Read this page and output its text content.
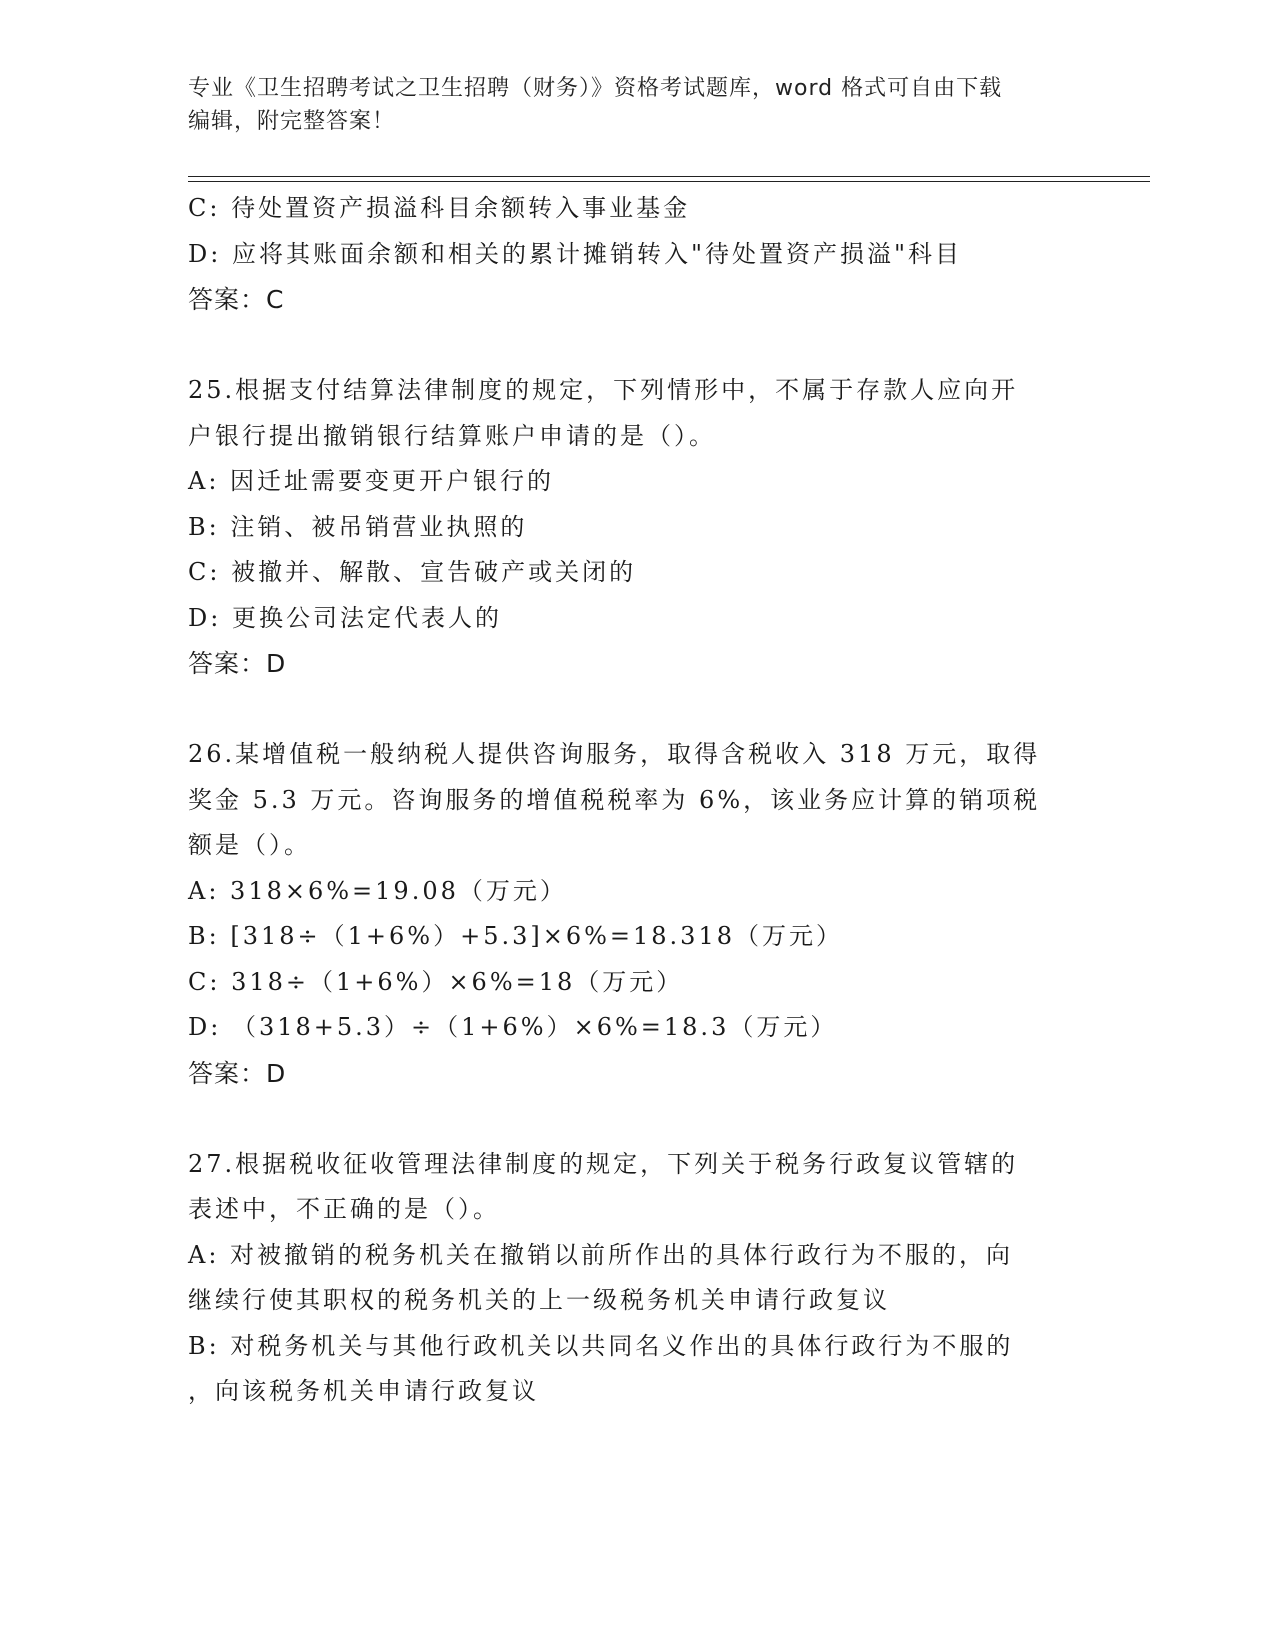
专业《卫生招聘考试之卫生招聘（财务）》资格考试题库，word 格式可自由下载

编辑，附完整答案！

C: 待处置资产损溢科目余额转入事业基金

D: 应将其账面余额和相关的累计摊销转入"待处置资产损溢"科目

答案：C

25.根据支付结算法律制度的规定，下列情形中，不属于存款人应向开

户银行提出撤销银行结算账户申请的是（）。

A: 因迁址需要变更开户银行的

B: 注销、被吊销营业执照的

C: 被撤并、解散、宣告破产或关闭的

D: 更换公司法定代表人的

答案：D

26.某增值税一般纳税人提供咨询服务，取得含税收入 318 万元，取得

奖金 5.3 万元。咨询服务的增值税税率为 6%，该业务应计算的销项税

额是（）。

A: 318×6%=19.08（万元）

B: [318÷（1+6%）+5.3]×6%=18.318（万元）

C: 318÷（1+6%）×6%=18（万元）

D: （318+5.3）÷（1+6%）×6%=18.3（万元）

答案：D

27.根据税收征收管理法律制度的规定，下列关于税务行政复议管辖的

表述中，不正确的是（）。

A: 对被撤销的税务机关在撤销以前所作出的具体行政行为不服的，向

继续行使其职权的税务机关的上一级税务机关申请行政复议

B: 对税务机关与其他行政机关以共同名义作出的具体行政行为不服的

，向该税务机关申请行政复议
